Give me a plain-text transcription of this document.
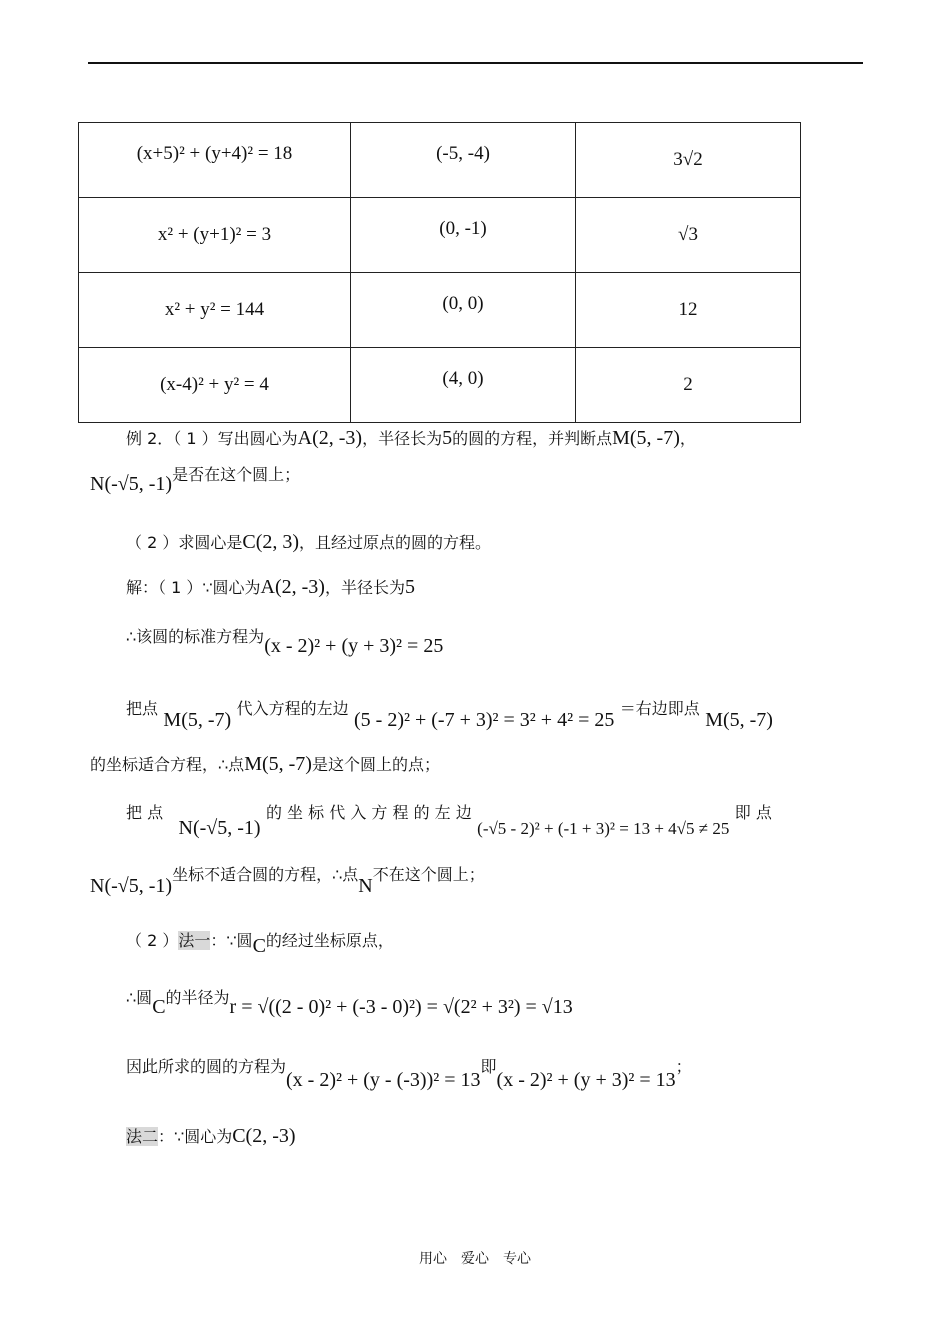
(x+5)² + (y+4)² = 18	(-5, -4)	3√2
x² + (y+1)² = 3	(0, -1)	√3
x² + y² = 144	(0, 0)	12
(x-4)² + y² = 4	(4, 0)	2
例 2．（ 1 ）写出圆心为A(2, -3)，半径长为5的圆的方程，并判断点M(5, -7)，
N(-√5, -1)是否在这个圆上；
（ 2 ）求圆心是C(2, 3)，且经过原点的圆的方程。
解：（ 1 ）∵圆心为A(2, -3)，半径长为5
∴该圆的标准方程为(x - 2)² + (y + 3)² = 25
把点 M(5, -7) 代入方程的左边 (5 - 2)² + (-7 + 3)² = 3² + 4² = 25 ＝右边即点 M(5, -7)
的坐标适合方程，∴点M(5, -7)是这个圆上的点；
把 点 N(-√5, -1) 的 坐 标 代 入 方 程 的 左 边 (-√5 - 2)² + (-1 + 3)² = 13 + 4√5 ≠ 25 即 点
N(-√5, -1)坐标不适合圆的方程，∴点N不在这个圆上；
（ 2 ）法一：∵圆C的经过坐标原点，
∴圆C的半径为r = √((2 - 0)² + (-3 - 0)²) = √(2² + 3²) = √13
因此所求的圆的方程为(x - 2)² + (y - (-3))² = 13即(x - 2)² + (y + 3)² = 13；
法二：∵圆心为C(2, -3)
用心　爱心　专心
